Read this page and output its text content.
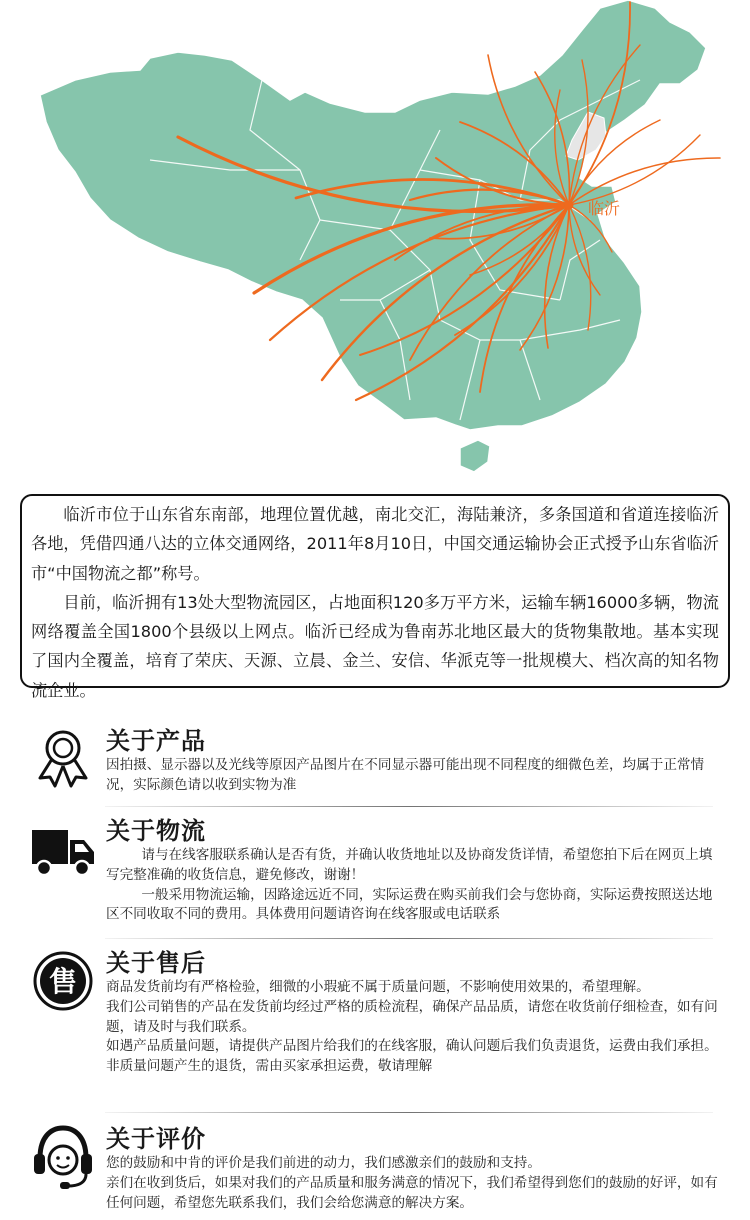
临沂

临沂市位于山东省东南部，地理位置优越，南北交汇，海陆兼济，多条国道和省道连接临沂各地，凭借四通八达的立体交通网络，2011年8月10日，中国交通运输协会正式授予山东省临沂市“中国物流之都”称号。

目前，临沂拥有13处大型物流园区，占地面积120多万平方米，运输车辆16000多辆，物流网络覆盖全国1800个县级以上网点。临沂已经成为鲁南苏北地区最大的货物集散地。基本实现了国内全覆盖，培育了荣庆、天源、立晨、金兰、安信、华派克等一批规模大、档次高的知名物流企业。

关于产品

因拍摄、显示器以及光线等原因产品图片在不同显示器可能出现不同程度的细微色差，均属于正常情况，实际颜色请以收到实物为准

关于物流

请与在线客服联系确认是否有货，并确认收货地址以及协商发货详情，希望您拍下后在网页上填写完整准确的收货信息，避免修改，谢谢！

一般采用物流运输，因路途远近不同，实际运费在购买前我们会与您协商，实际运费按照送达地区不同收取不同的费用。具体费用问题请咨询在线客服或电话联系

售
关于售后

商品发货前均有严格检验，细微的小瑕疵不属于质量问题，不影响使用效果的，希望理解。

我们公司销售的产品在发货前均经过严格的质检流程，确保产品品质，请您在收货前仔细检查，如有问题，请及时与我们联系。

如遇产品质量问题，请提供产品图片给我们的在线客服，确认问题后我们负责退货，运费由我们承担。非质量问题产生的退货，需由买家承担运费，敬请理解

关于评价

您的鼓励和中肯的评价是我们前进的动力，我们感激亲们的鼓励和支持。

亲们在收到货后，如果对我们的产品质量和服务满意的情况下，我们希望得到您们的鼓励的好评，如有任何问题，希望您先联系我们，我们会给您满意的解决方案。
